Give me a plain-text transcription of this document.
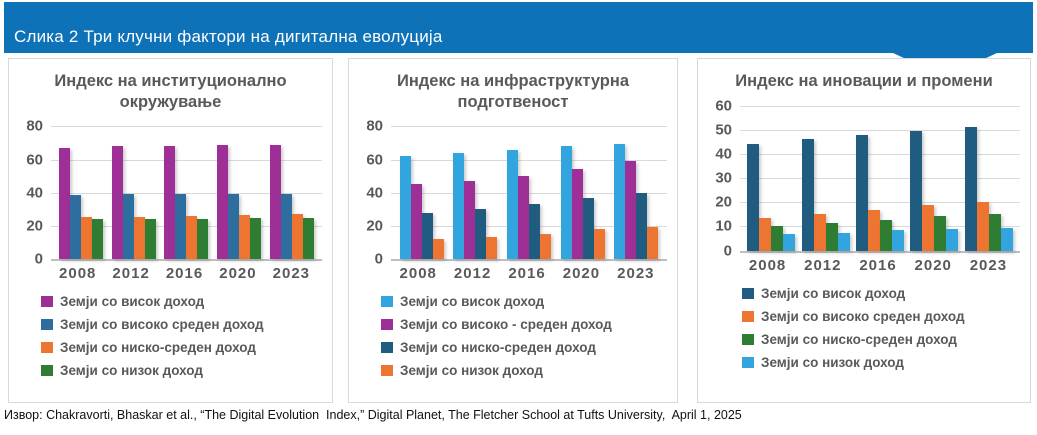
Слика 2 Три клучни фактори на дигитална еволуција
Индекс на институционално окружување
0
20
40
60
80
2008	2012	2016	2020	2023
Земји со висок доход
Земји со високо среден доход
Земји со ниско-среден доход
Земји со низок доход
Индекс на инфраструктурна подготвеност
0
20
40
60
80
2008	2012	2016	2020	2023
Земји со висок доход
Земји со високо - среден доход
Земји со ниско-среден доход
Земји со низок доход
Индекс на иновации и промени
0
10
20
30
40
50
60
2008	2012	2016	2020	2023
Земји со висок доход
Земји со високо среден доход
Земји со ниско-среден доход
Земји со низок доход
Извор: Chakravorti, Bhaskar et al., “The Digital Evolution  Index,” Digital Planet, The Fletcher School at Tufts University,  April 1, 2025
